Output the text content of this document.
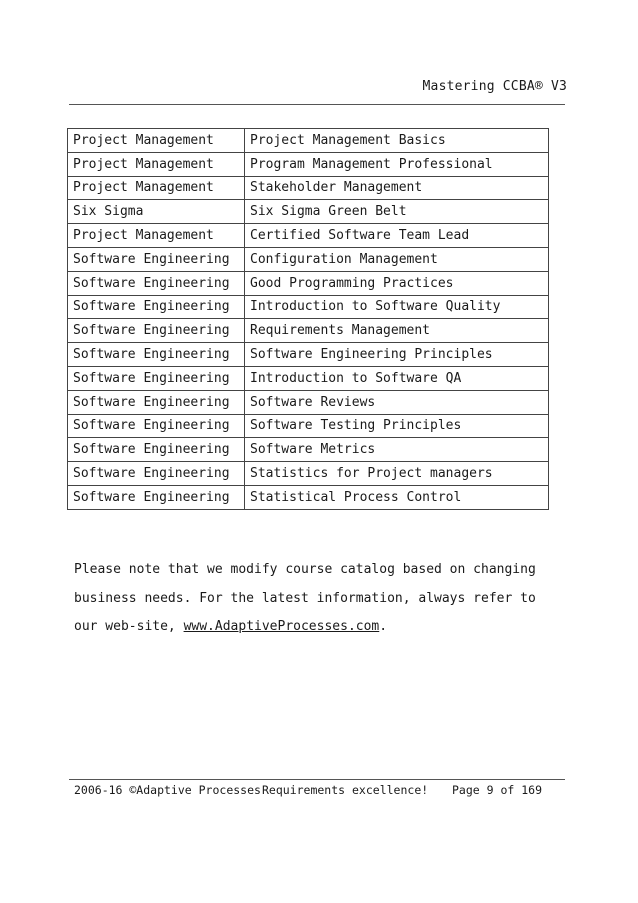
Mastering CCBA® V3
Project Management	Project Management Basics
Project Management	Program Management Professional
Project Management	Stakeholder Management
Six Sigma	Six Sigma Green Belt
Project Management	Certified Software Team Lead
Software Engineering	Configuration Management
Software Engineering	Good Programming Practices
Software Engineering	Introduction to Software Quality
Software Engineering	Requirements Management
Software Engineering	Software Engineering Principles
Software Engineering	Introduction to Software QA
Software Engineering	Software Reviews
Software Engineering	Software Testing Principles
Software Engineering	Software Metrics
Software Engineering	Statistics for Project managers
Software Engineering	Statistical Process Control
Please note that we modify course catalog based on changing business needs. For the latest information, always refer to our web-site, www.AdaptiveProcesses.com.
2006-16 ©Adaptive Processes Requirements excellence! Page 9 of 169
